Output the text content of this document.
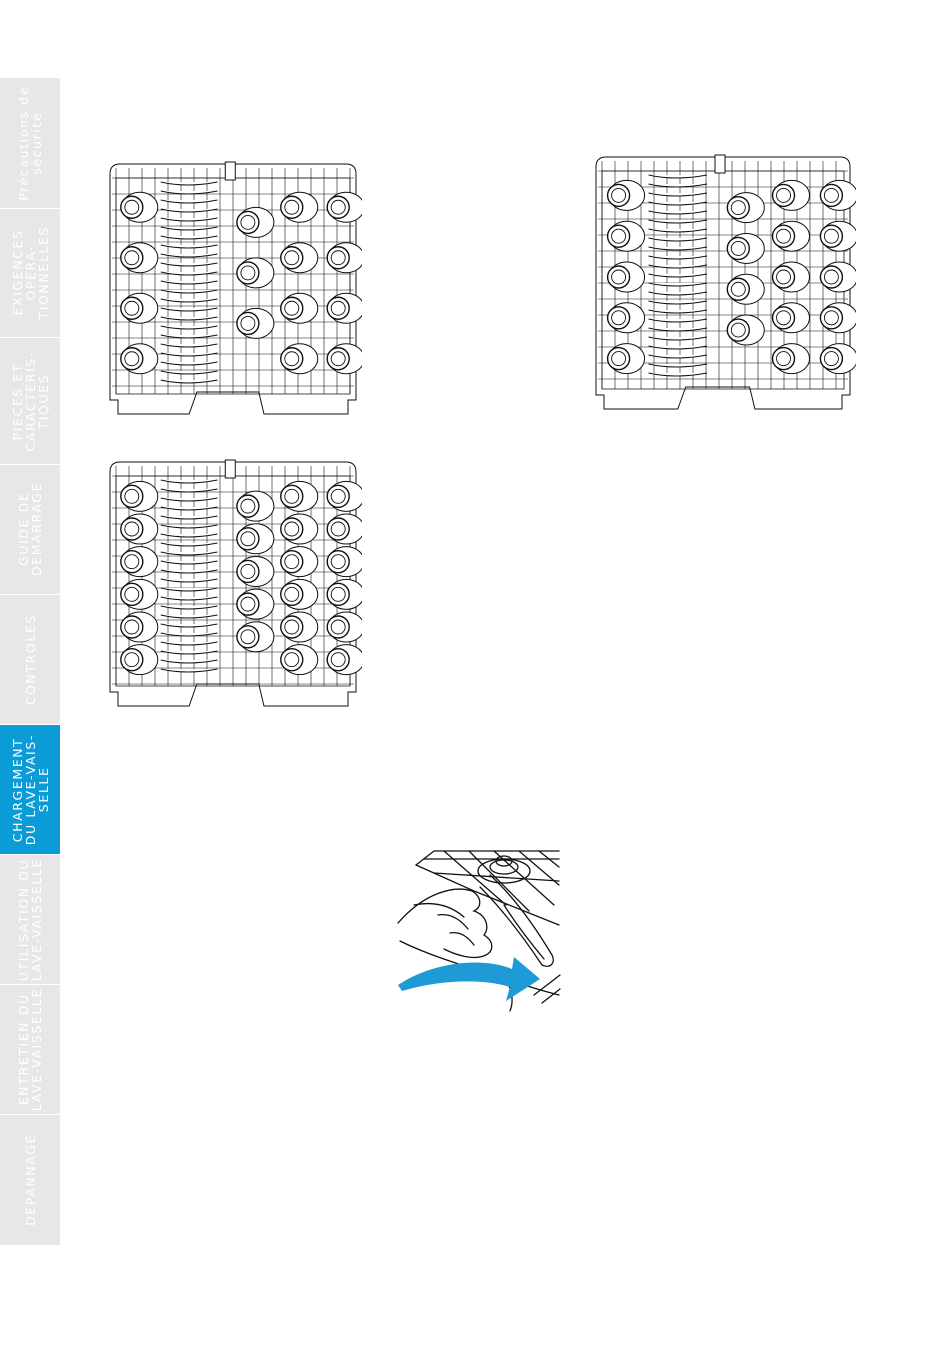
Précautions de
sécurité
EXIGENCES
OPERA-
TIONNELLES
PIECES ET
CARACTERIS-
TIQUES
GUIDE DE
DEMARRAGE
CONTROLES
CHARGEMENT
DU LAVE-VAIS-
SELLE
UTILISATION DU
LAVE-VAISSELLE
ENTRETIEN DU
LAVE-VAISSELLE
DEPANNAGE
